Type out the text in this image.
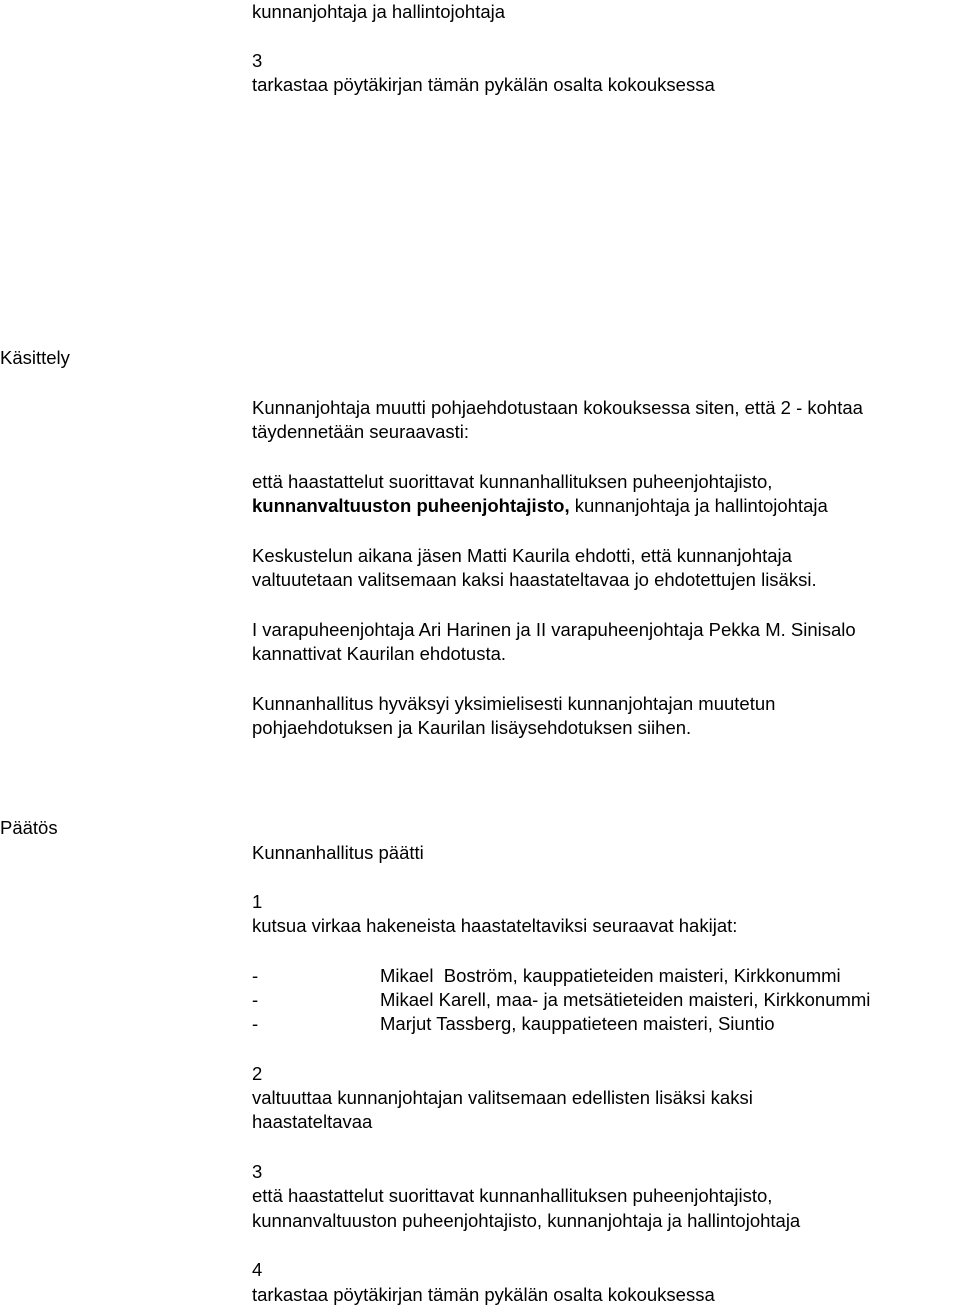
kunnanjohtaja ja hallintojohtaja

3

tarkastaa pöytäkirjan tämän pykälän osalta kokouksessa

Käsittely

Kunnanjohtaja muutti pohjaehdotustaan kokouksessa siten, että 2 - kohtaa

täydennetään seuraavasti:

että haastattelut suorittavat kunnanhallituksen puheenjohtajisto,

kunnanvaltuuston puheenjohtajisto, kunnanjohtaja ja hallintojohtaja

Keskustelun aikana jäsen Matti Kaurila ehdotti, että kunnanjohtaja

valtuutetaan valitsemaan kaksi haastateltavaa jo ehdotettujen lisäksi.

I varapuheenjohtaja Ari Harinen ja II varapuheenjohtaja Pekka M. Sinisalo

kannattivat Kaurilan ehdotusta.

Kunnanhallitus hyväksyi yksimielisesti kunnanjohtajan muutetun

pohjaehdotuksen ja Kaurilan lisäysehdotuksen siihen.

Päätös

Kunnanhallitus päätti

1

kutsua virkaa hakeneista haastateltaviksi seuraavat hakijat:

-	Mikael  Boström, kauppatieteiden maisteri, Kirkkonummi

-	Mikael Karell, maa- ja metsätieteiden maisteri, Kirkkonummi

-	Marjut Tassberg, kauppatieteen maisteri, Siuntio

2

valtuuttaa kunnanjohtajan valitsemaan edellisten lisäksi kaksi

haastateltavaa

3

että haastattelut suorittavat kunnanhallituksen puheenjohtajisto,

kunnanvaltuuston puheenjohtajisto, kunnanjohtaja ja hallintojohtaja

4

tarkastaa pöytäkirjan tämän pykälän osalta kokouksessa
